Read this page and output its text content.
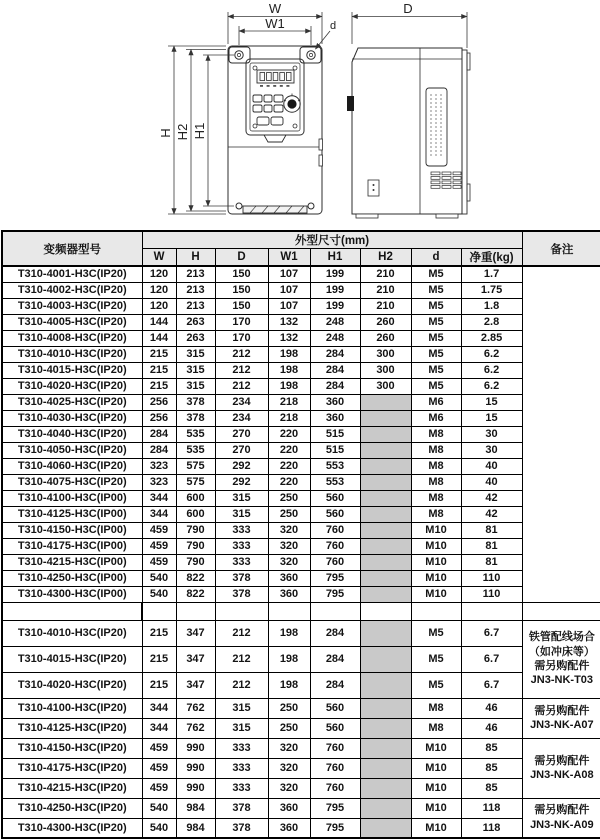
W
W1
D
d
H H2 H1
变频器型号	外型尺寸(mm)								备注
	W	H	D	W1	H1	H2	d	净重(kg)	
T310-4001-H3C(IP20)	120	213	150	107	199	210	M5	1.7	
T310-4002-H3C(IP20)	120	213	150	107	199	210	M5	1.75	
T310-4003-H3C(IP20)	120	213	150	107	199	210	M5	1.8	
T310-4005-H3C(IP20)	144	263	170	132	248	260	M5	2.8	
T310-4008-H3C(IP20)	144	263	170	132	248	260	M5	2.85	
T310-4010-H3C(IP20)	215	315	212	198	284	300	M5	6.2	
T310-4015-H3C(IP20)	215	315	212	198	284	300	M5	6.2	
T310-4020-H3C(IP20)	215	315	212	198	284	300	M5	6.2	
T310-4025-H3C(IP20)	256	378	234	218	360		M6	15	
T310-4030-H3C(IP20)	256	378	234	218	360		M6	15	
T310-4040-H3C(IP20)	284	535	270	220	515		M8	30	
T310-4050-H3C(IP20)	284	535	270	220	515		M8	30	
T310-4060-H3C(IP20)	323	575	292	220	553		M8	40	
T310-4075-H3C(IP20)	323	575	292	220	553		M8	40	
T310-4100-H3C(IP00)	344	600	315	250	560		M8	42	
T310-4125-H3C(IP00)	344	600	315	250	560		M8	42	
T310-4150-H3C(IP00)	459	790	333	320	760		M10	81	
T310-4175-H3C(IP00)	459	790	333	320	760		M10	81	
T310-4215-H3C(IP00)	459	790	333	320	760		M10	81	
T310-4250-H3C(IP00)	540	822	378	360	795		M10	110	
T310-4300-H3C(IP00)	540	822	378	360	795		M10	110	

T310-4010-H3C(IP20)	215	347	212	198	284		M5	6.7	铁管配线场合
（如冲床等）
需另购配件
JN3-NK-T03
T310-4015-H3C(IP20)	215	347	212	198	284		M5	6.7	
T310-4020-H3C(IP20)	215	347	212	198	284		M5	6.7	
T310-4100-H3C(IP20)	344	762	315	250	560		M8	46	需另购配件
JN3-NK-A07
T310-4125-H3C(IP20)	344	762	315	250	560		M8	46	
T310-4150-H3C(IP20)	459	990	333	320	760		M10	85	需另购配件
JN3-NK-A08
T310-4175-H3C(IP20)	459	990	333	320	760		M10	85	
T310-4215-H3C(IP20)	459	990	333	320	760		M10	85	
T310-4250-H3C(IP20)	540	984	378	360	795		M10	118	需另购配件
JN3-NK-A09
T310-4300-H3C(IP20)	540	984	378	360	795		M10	118	
